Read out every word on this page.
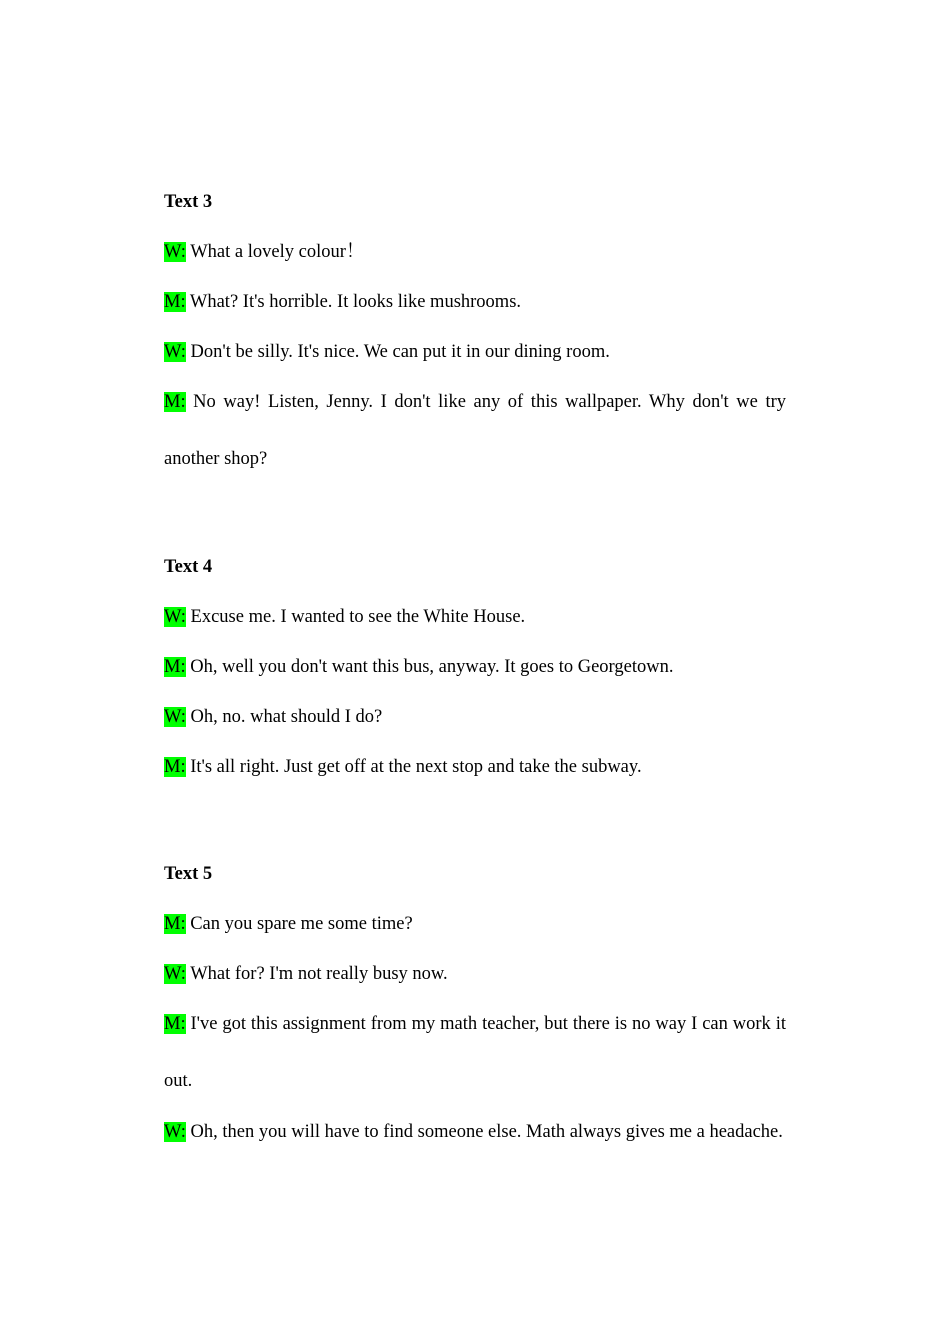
Text 3
W: What a lovely colour！
M: What? It's horrible. It looks like mushrooms.
W: Don't be silly. It's nice. We can put it in our dining room.
M: No way! Listen, Jenny. I don't like any of this wallpaper. Why don't we try another shop?
Text 4
W: Excuse me. I wanted to see the White House.
M: Oh, well you don't want this bus, anyway. It goes to Georgetown.
W: Oh, no. what should I do?
M: It's all right. Just get off at the next stop and take the subway.
Text 5
M: Can you spare me some time?
W: What for? I'm not really busy now.
M: I've got this assignment from my math teacher, but there is no way I can work it out.
W: Oh, then you will have to find someone else. Math always gives me a headache.
